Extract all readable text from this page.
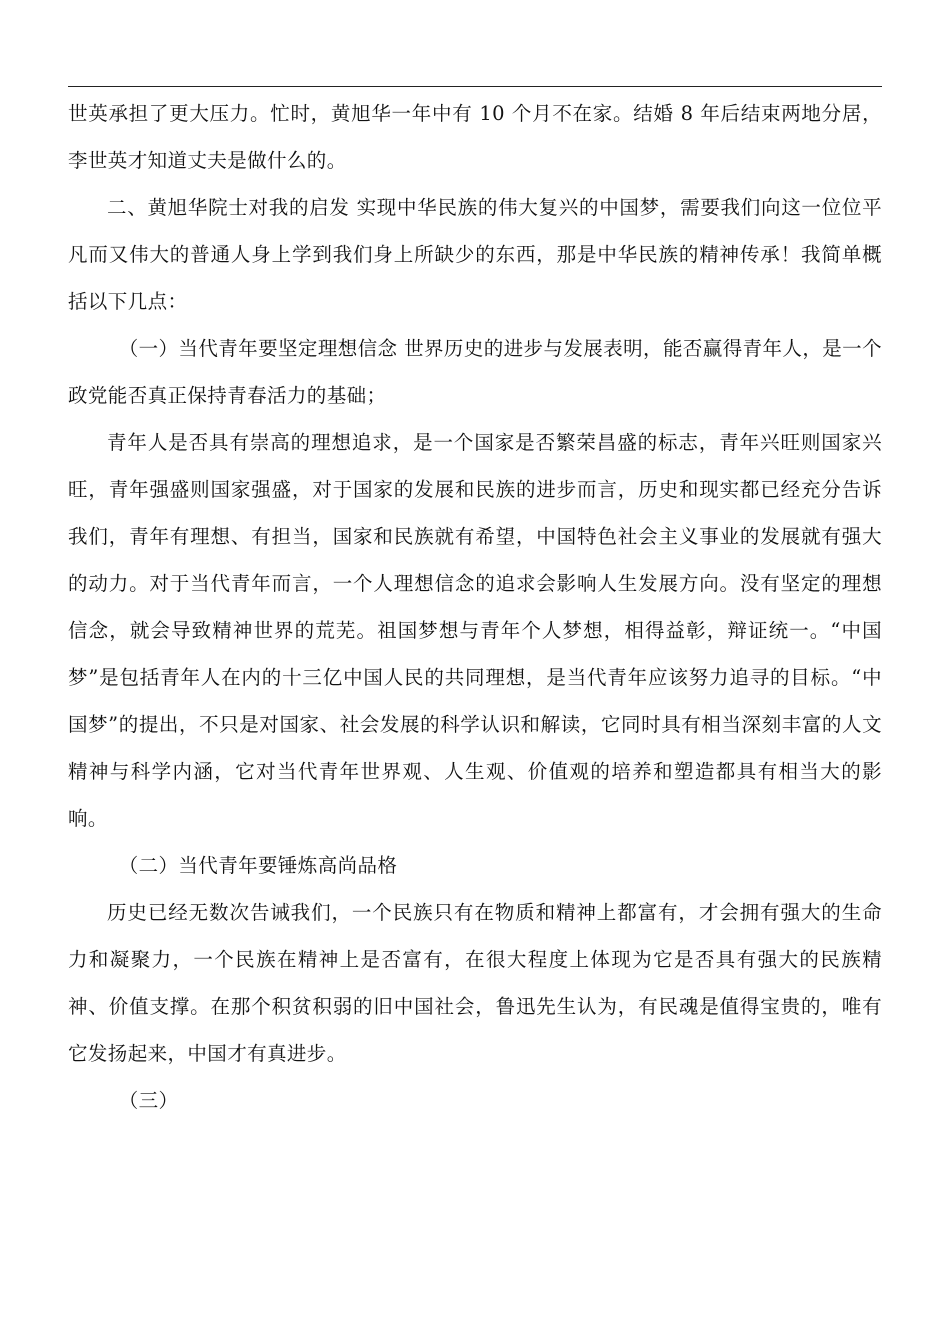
世英承担了更大压力。忙时，黄旭华一年中有 10 个月不在家。结婚 8 年后结束两地分居，李世英才知道丈夫是做什么的。

二、黄旭华院士对我的启发 实现中华民族的伟大复兴的中国梦，需要我们向这一位位平凡而又伟大的普通人身上学到我们身上所缺少的东西，那是中华民族的精神传承！我简单概括以下几点：

（一）当代青年要坚定理想信念 世界历史的进步与发展表明，能否赢得青年人，是一个政党能否真正保持青春活力的基础；

青年人是否具有崇高的理想追求，是一个国家是否繁荣昌盛的标志，青年兴旺则国家兴旺，青年强盛则国家强盛，对于国家的发展和民族的进步而言，历史和现实都已经充分告诉我们，青年有理想、有担当，国家和民族就有希望，中国特色社会主义事业的发展就有强大的动力。对于当代青年而言，一个人理想信念的追求会影响人生发展方向。没有坚定的理想信念，就会导致精神世界的荒芜。祖国梦想与青年个人梦想，相得益彰，辩证统一。“中国梦”是包括青年人在内的十三亿中国人民的共同理想，是当代青年应该努力追寻的目标。“中国梦”的提出，不只是对国家、社会发展的科学认识和解读，它同时具有相当深刻丰富的人文精神与科学内涵，它对当代青年世界观、人生观、价值观的培养和塑造都具有相当大的影响。

（二）当代青年要锤炼高尚品格

历史已经无数次告诫我们，一个民族只有在物质和精神上都富有，才会拥有强大的生命力和凝聚力，一个民族在精神上是否富有，在很大程度上体现为它是否具有强大的民族精神、价值支撑。在那个积贫积弱的旧中国社会，鲁迅先生认为，有民魂是值得宝贵的，唯有它发扬起来，中国才有真进步。

（三）
